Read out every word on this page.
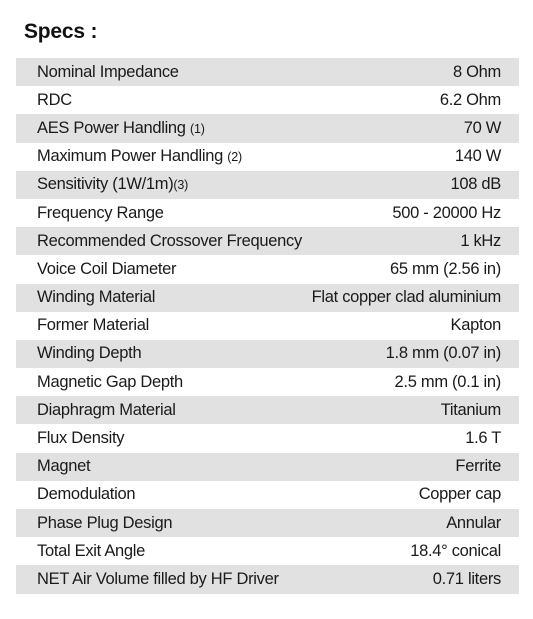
Specs :
Nominal Impedance	8 Ohm
RDC	6.2 Ohm
AES Power Handling (1)	70 W
Maximum Power Handling (2)	140 W
Sensitivity (1W/1m)(3)	108 dB
Frequency Range	500 - 20000 Hz
Recommended Crossover Frequency	1 kHz
Voice Coil Diameter	65 mm (2.56 in)
Winding Material	Flat copper clad aluminium
Former Material	Kapton
Winding Depth	1.8 mm (0.07 in)
Magnetic Gap Depth	2.5 mm (0.1 in)
Diaphragm Material	Titanium
Flux Density	1.6 T
Magnet	Ferrite
Demodulation	Copper cap
Phase Plug Design	Annular
Total Exit Angle	18.4° conical
NET Air Volume filled by HF Driver	0.71 liters
